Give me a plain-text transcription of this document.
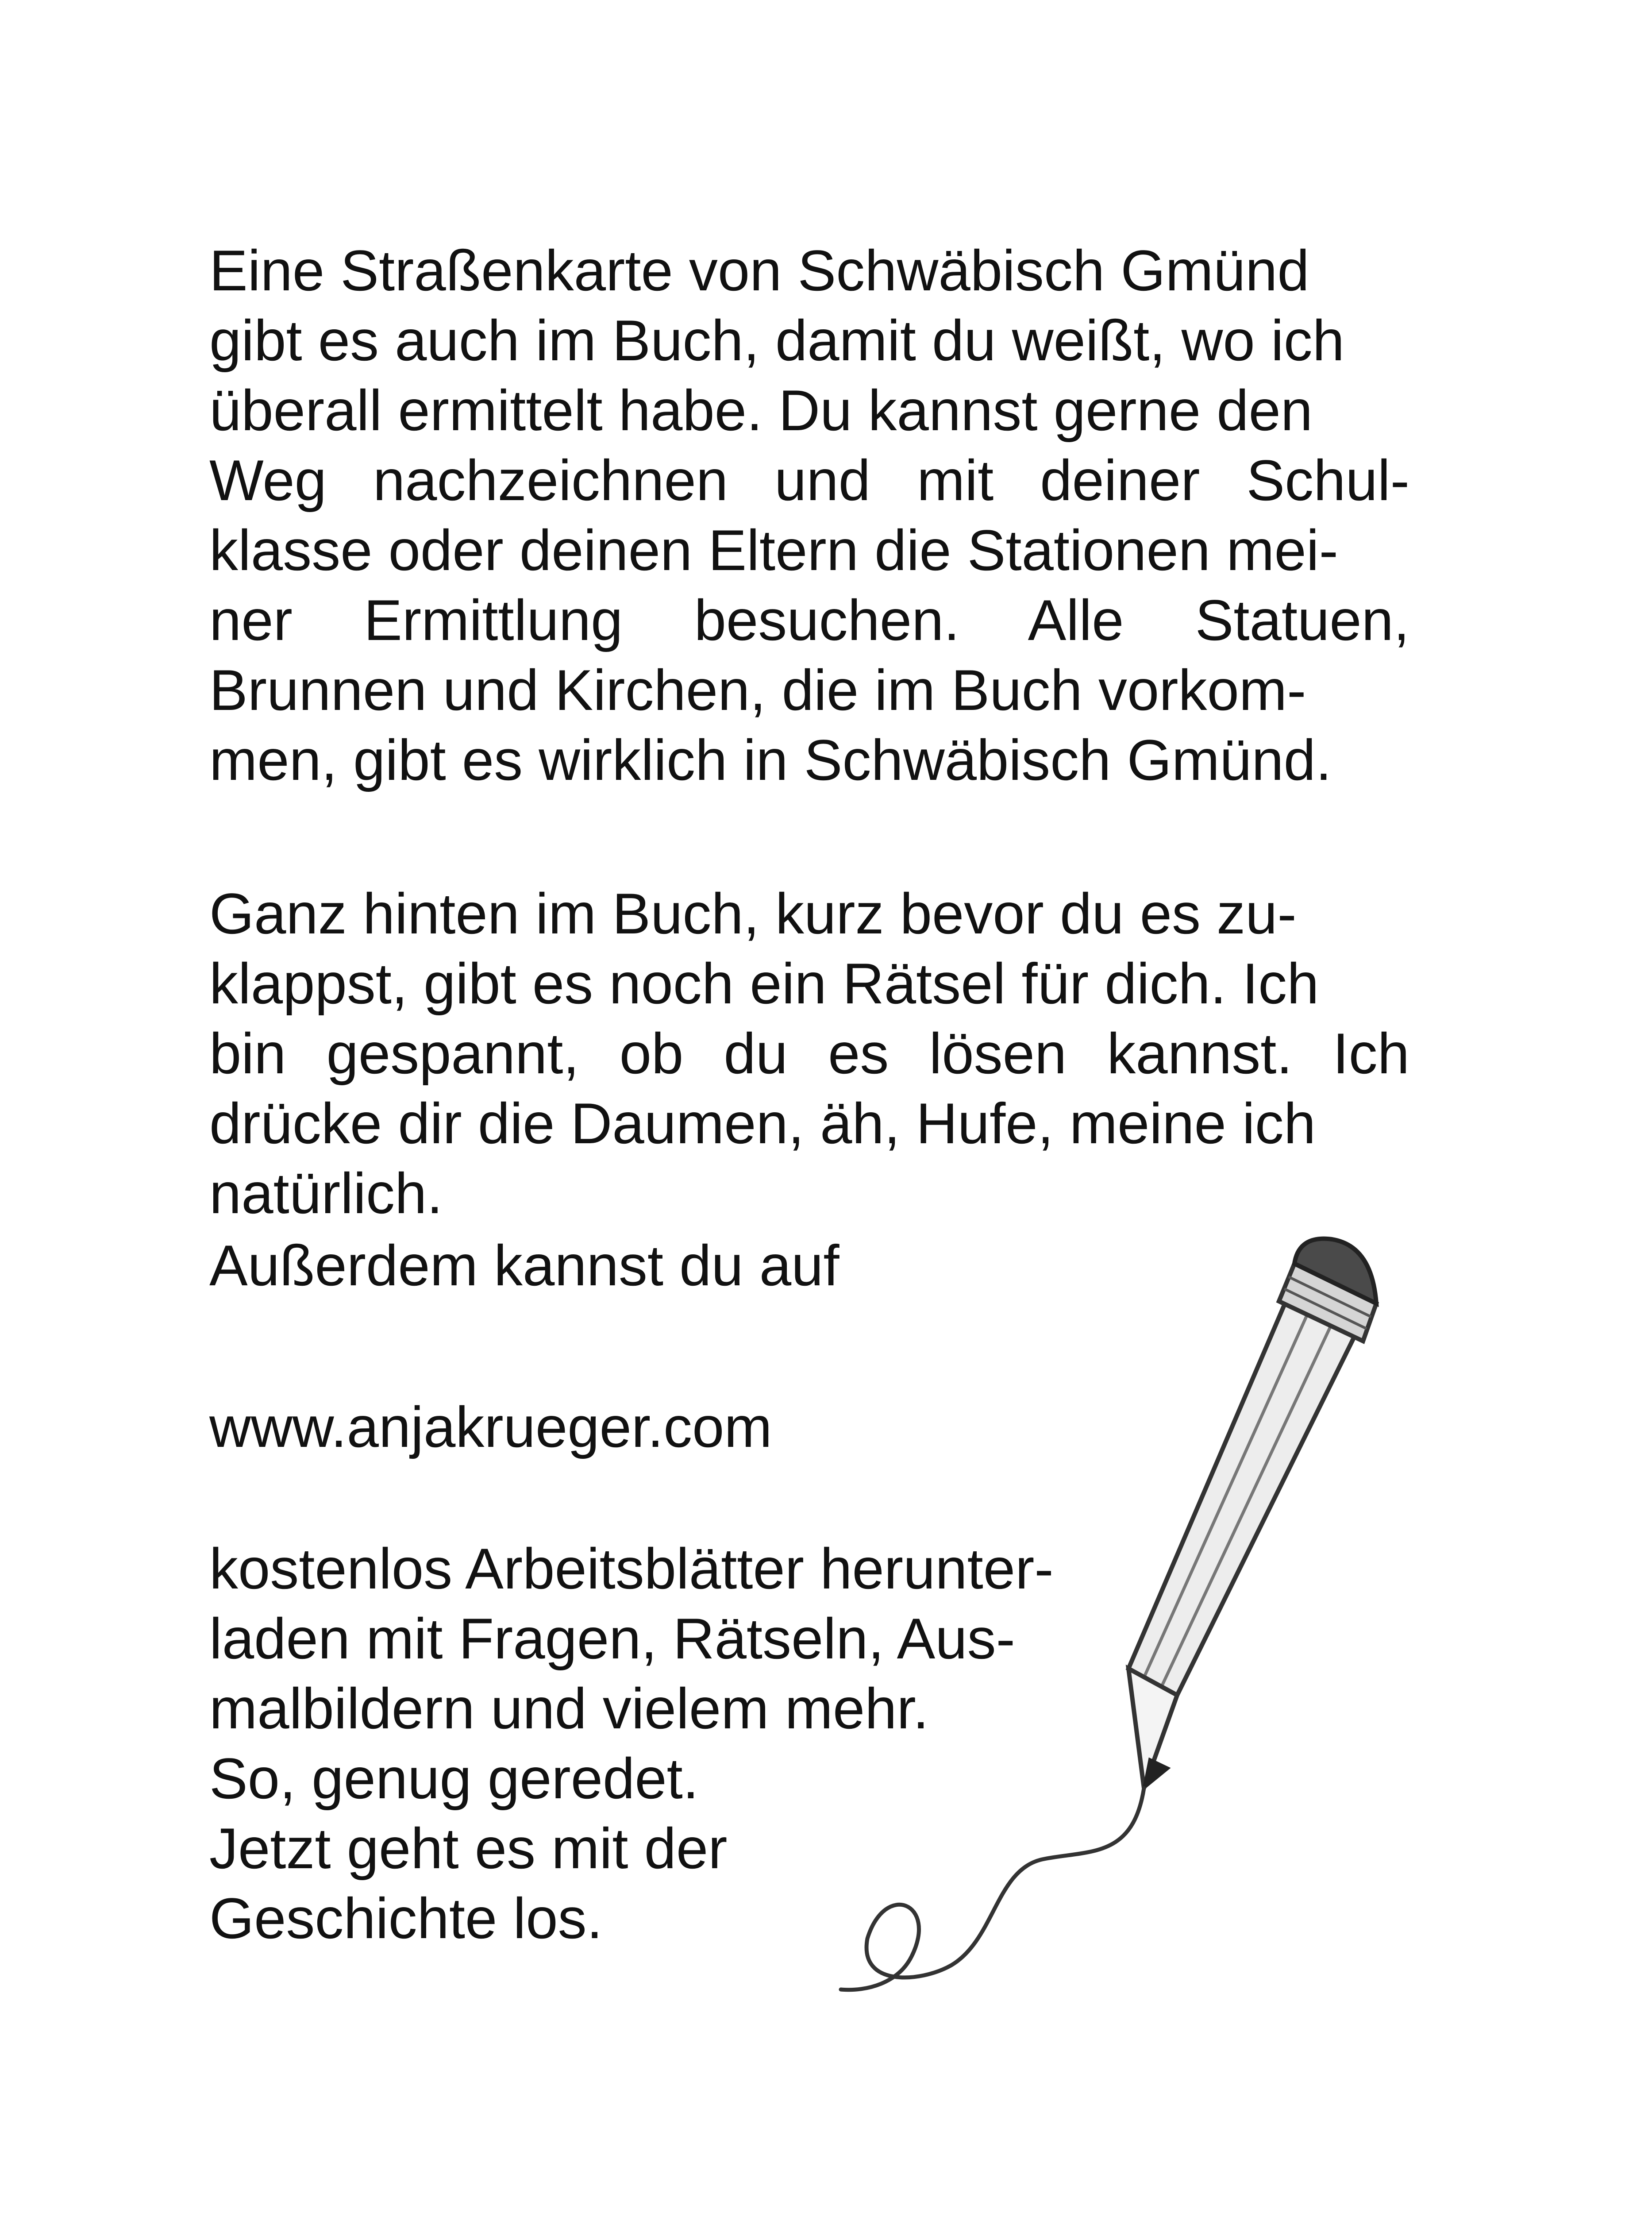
Eine Straßenkarte von Schwäbisch Gmünd
gibt es auch im Buch, damit du weißt, wo ich
überall ermittelt habe. Du kannst gerne den
Weg nachzeichnen und mit deiner Schul-
klasse oder deinen Eltern die Stationen mei-
ner Ermittlung besuchen. Alle Statuen,
Brunnen und Kirchen, die im Buch vorkom-
men, gibt es wirklich in Schwäbisch Gmünd.
Ganz hinten im Buch, kurz bevor du es zu-
klappst, gibt es noch ein Rätsel für dich. Ich
bin gespannt, ob du es lösen kannst. Ich
drücke dir die Daumen, äh, Hufe, meine ich
natürlich.
Außerdem kannst du auf
www.anjakrueger.com
kostenlos Arbeitsblätter herunter-
laden mit Fragen, Rätseln, Aus-
malbildern und vielem mehr.
So, genug geredet.
Jetzt geht es mit der
Geschichte los.
